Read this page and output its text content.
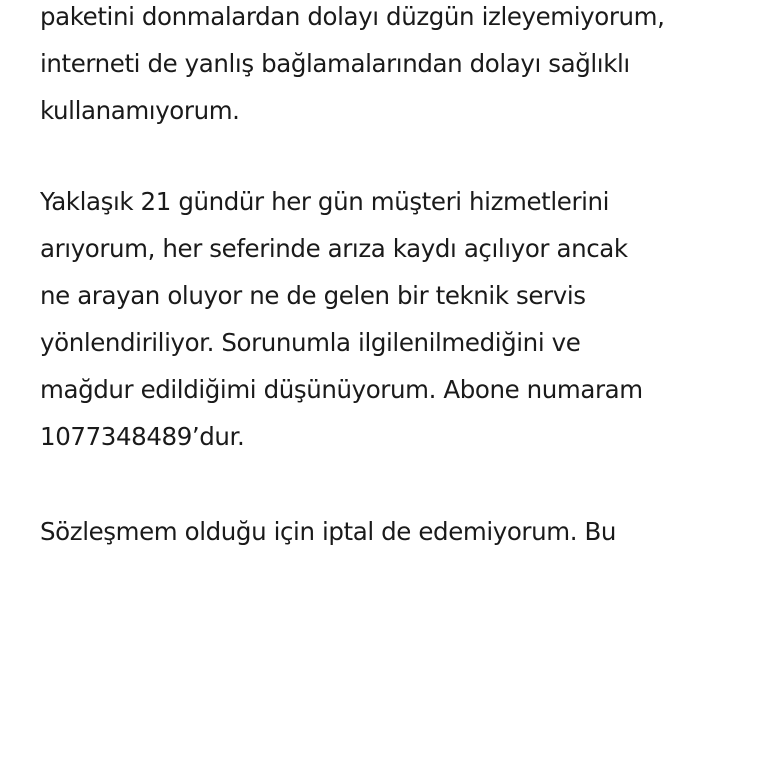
paketini donmalardan dolayı düzgün izleyemiyorum,
interneti de yanlış bağlamalarından dolayı sağlıklı
kullanamıyorum.

Yaklaşık 21 gündür her gün müşteri hizmetlerini
arıyorum, her seferinde arıza kaydı açılıyor ancak
ne arayan oluyor ne de gelen bir teknik servis
yönlendiriliyor. Sorunumla ilgilenilmediğini ve
mağdur edildiğimi düşünüyorum. Abone numaram
1077348489’dur.

Sözleşmem olduğu için iptal de edemiyorum. Bu
